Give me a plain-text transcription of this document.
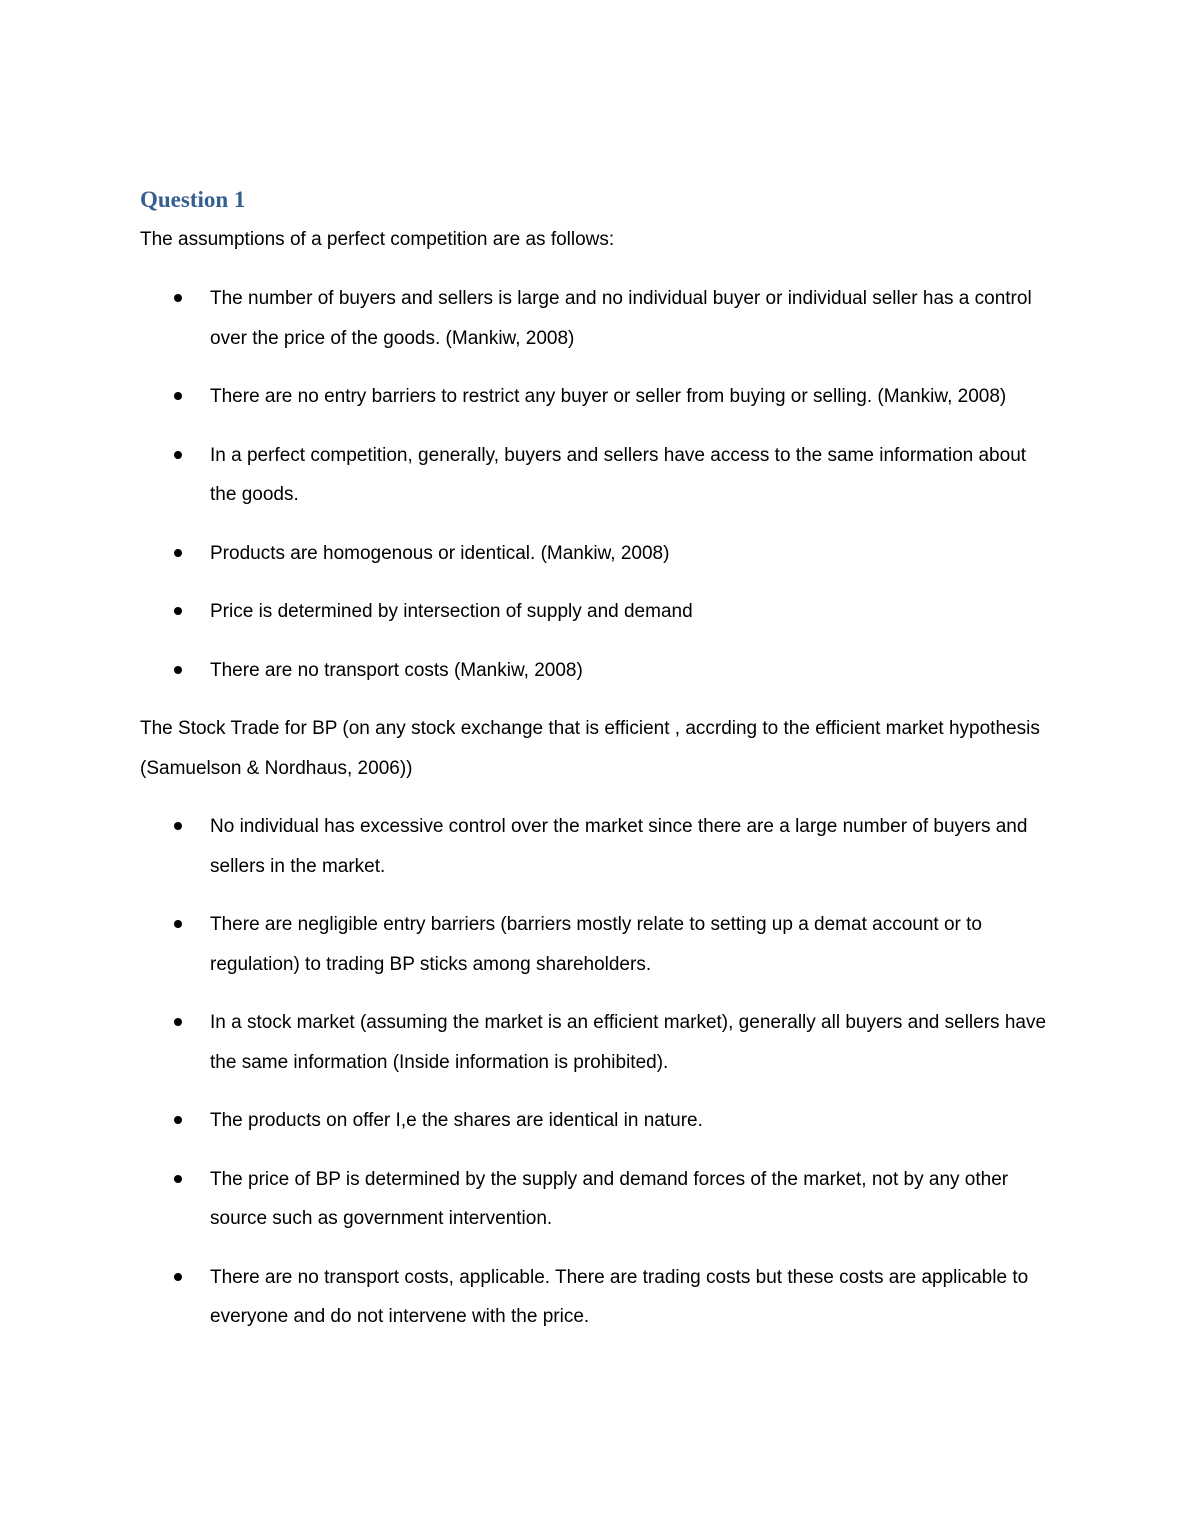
Question 1

The assumptions of a perfect competition are as follows:

The number of buyers and sellers is large and no individual buyer or individual seller has a control over the price of the goods. (Mankiw, 2008)
There are no entry barriers to restrict any buyer or seller from buying or selling. (Mankiw, 2008)
In a perfect competition, generally, buyers and sellers have access to the same information about the goods.
Products are homogenous or identical. (Mankiw, 2008)
Price is determined by intersection of supply and demand
There are no transport costs (Mankiw, 2008)

The Stock Trade for BP (on any stock exchange that is efficient , accrding to the efficient market hypothesis (Samuelson & Nordhaus, 2006))

No individual has excessive control over the market since there are a large number of buyers and sellers in the market.
There are negligible entry barriers (barriers mostly relate to setting up a demat account or to regulation) to trading BP sticks among shareholders.
In a stock market (assuming the market is an efficient market), generally all buyers and sellers have the same information (Inside information is prohibited).
The products on offer I,e the shares are identical in nature.
The price of BP is determined by the supply and demand forces of the market, not by any other source such as government intervention.
There are no transport costs, applicable. There are trading costs but these costs are applicable to everyone and do not intervene with the price.
